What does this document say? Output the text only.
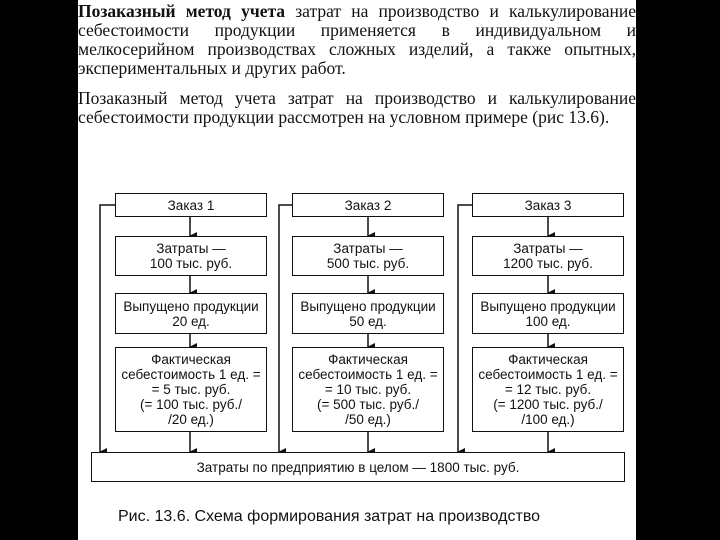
Позаказный метод учета затрат на производство и калькулирование себестоимости продукции применяется в индивидуальном и мелкосерийном производствах сложных изделий, а также опытных, экспериментальных и других работ.
Позаказный метод учета затрат на производство и калькулирование себестоимости продукции рассмотрен на условном примере (рис 13.6).
Заказ 1
Затраты —
100 тыс. руб.
Выпущено продукции 20 ед.
Фактическая себестоимость 1 ед. =
= 5 тыс. руб.
(= 100 тыс. руб./
/20 ед.)
Заказ 2
Затраты —
500 тыс. руб.
Выпущено продукции 50 ед.
Фактическая себестоимость 1 ед. =
= 10 тыс. руб.
(= 500 тыс. руб./
/50 ед.)
Заказ 3
Затраты —
1200 тыс. руб.
Выпущено продукции 100 ед.
Фактическая себестоимость 1 ед. =
= 12 тыс. руб.
(= 1200 тыс. руб./
/100 ед.)
Затраты по предприятию в целом — 1800 тыс. руб.
Рис. 13.6. Схема формирования затрат на производство
